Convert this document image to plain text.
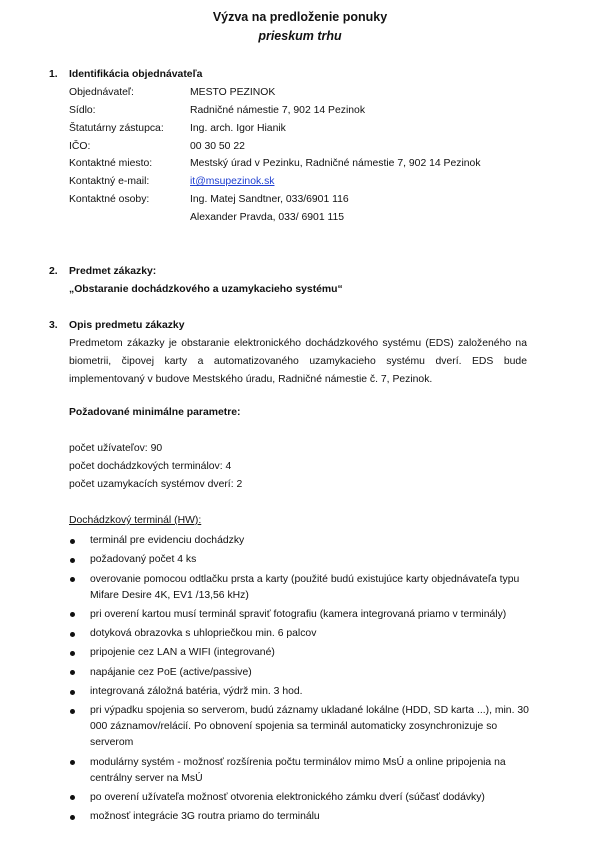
Výzva na predloženie ponuky
prieskum trhu
1. Identifikácia objednávateľa
Objednávateľ:	MESTO PEZINOK
Sídlo:	Radničné námestie 7, 902 14 Pezinok
Štatutárny zástupca:	Ing. arch. Igor Hianik
IČO:	00 30 50 22
Kontaktné miesto:	Mestský úrad v Pezinku, Radničné námestie 7, 902 14 Pezinok
Kontaktný e-mail:	it@msupezinok.sk
Kontaktné osoby:	Ing. Matej Sandtner, 033/6901 116
Alexander Pravda, 033/ 6901 115
2. Predmet zákazky:
„Obstaranie dochádzkového a uzamykacieho systému“
3. Opis predmetu zákazky
Predmetom zákazky je obstaranie elektronického dochádzkového systému (EDS) založeného na biometrii, čipovej karty a automatizovaného uzamykacieho systému dverí. EDS bude implementovaný v budove Mestského úradu, Radničné námestie č. 7, Pezinok.
Požadované minimálne parametre:
počet užívateľov: 90
počet dochádzkových terminálov: 4
počet uzamykacích systémov dverí: 2
Dochádzkový terminál (HW):
terminál pre evidenciu dochádzky
požadovaný počet 4 ks
overovanie pomocou odtlačku prsta a karty (použité budú existujúce karty objednávateľa typu Mifare Desire 4K, EV1 /13,56 kHz)
pri overení kartou musí terminál spraviť fotografiu (kamera integrovaná priamo v terminály)
dotyková obrazovka s uhlopriečkou min. 6 palcov
pripojenie cez LAN a WIFI (integrované)
napájanie cez PoE (active/passive)
integrovaná záložná batéria, výdrž min. 3 hod.
pri výpadku spojenia so serverom, budú záznamy ukladané lokálne (HDD, SD karta ...), min. 30 000 záznamov/relácií. Po obnovení spojenia sa terminál automaticky zosynchronizuje so serverom
modulárny systém - možnosť rozšírenia počtu terminálov mimo MsÚ a online pripojenia na centrálny server na MsÚ
po overení užívateľa možnosť otvorenia elektronického zámku dverí (súčasť dodávky)
možnosť integrácie 3G routra priamo do terminálu
